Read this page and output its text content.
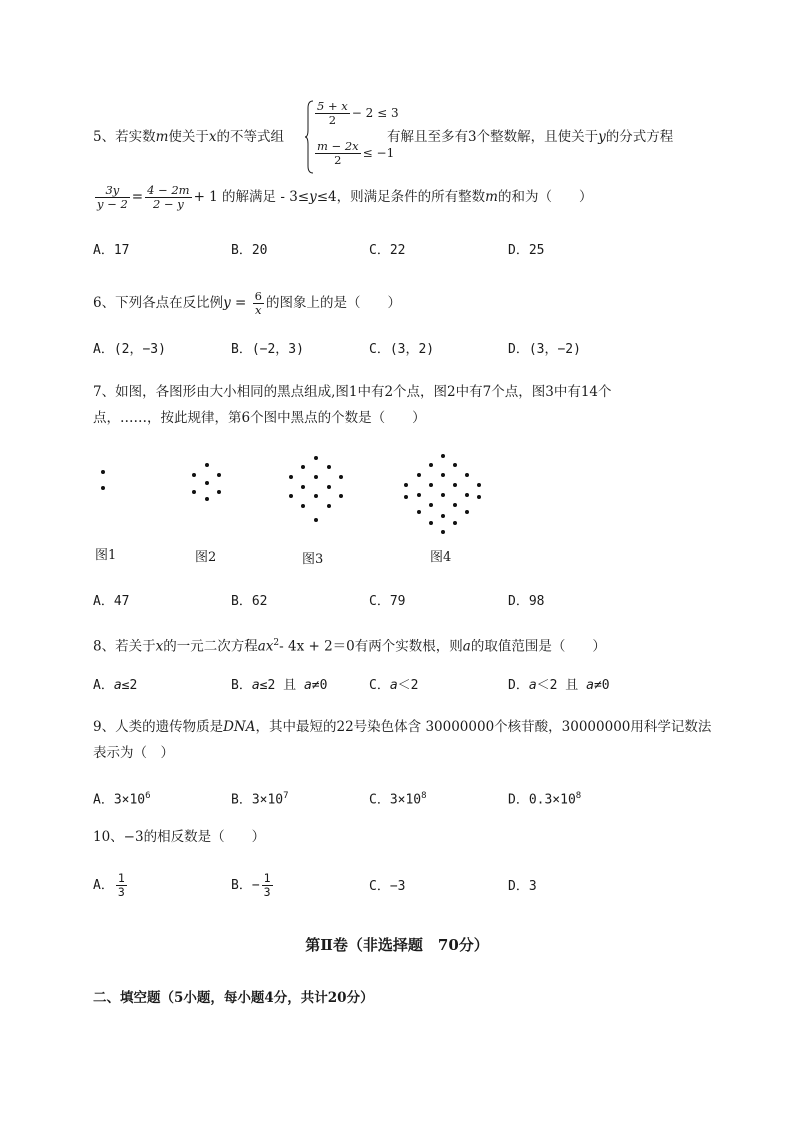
5、若实数m使关于x的不等式组
$\frac{5 + x}{2} - 2 \le 3$
$\frac{m - 2x}{2} \le -1$
有解且至多有3个整数解，且使关于y的分式方程
$\frac{3y}{y - 2} = \frac{4 - 2m}{2 - y} + 1$ 的解满足 - 3≤y≤4，则满足条件的所有整数m的和为（　　）
A．17	B．20	C．22	D．25
6、下列各点在反比例$y = \frac{6}{x}$ 的图象上的是（　　）
A．(2，−3)	B．(−2，3)	C．(3，2)	D．(3，−2)
7、如图，各图形由大小相同的黑点组成,图1中有2个点，图2中有7个点，图3中有14个
点，……，按此规律，第6个图中黑点的个数是（　　）
图1	图2	图3	图4
A．47	B．62	C．79	D．98
8、若关于x的一元二次方程$ax^2-$ 4x + 2＝0有两个实数根，则a的取值范围是（　　）
A．a≤2	B．a≤2 且 a≠0	C．a＜2	D．a＜2 且 a≠0
9、人类的遗传物质是DNA，其中最短的22号染色体含 30000000个核苷酸，30000000用科学记数法
表示为（　）
A．$3\times 10^6$	B．$3\times 10^7$	C．$3\times 10^8$	D．$0.3\times 10^8$
10、−3的相反数是（　　）
A． $\frac{1}{3}$	B．− $\frac{1}{3}$	C．−3	D．3
第Ⅱ卷（非选择题　70分）
二、填空题（5小题，每小题4分，共计20分）
